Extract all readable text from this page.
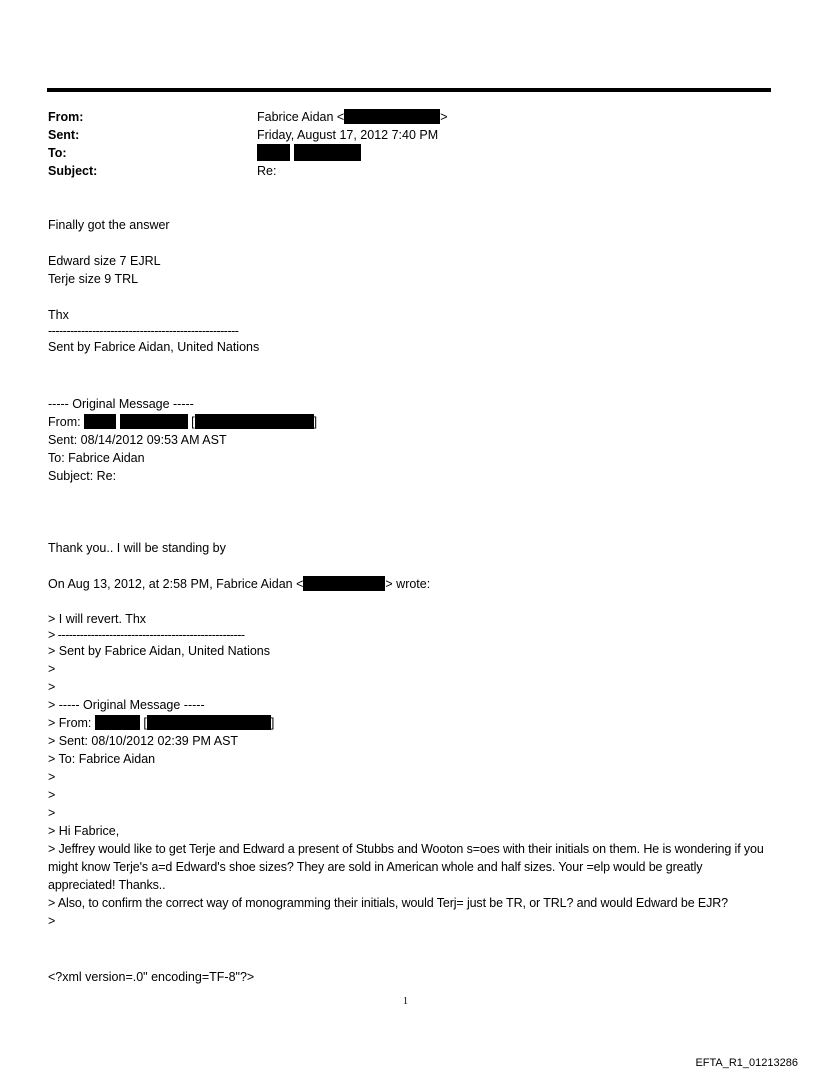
From:	Fabrice Aidan <	>
Sent:	Friday, August 17, 2012 7:40 PM
To:
Subject:	Re:
Finally got the answer
Edward size 7 EJRL
Terje size 9 TRL
Thx
----------------------------------------------------
Sent by Fabrice Aidan, United Nations
----- Original Message -----
From:	[	]
Sent: 08/14/2012 09:53 AM AST
To: Fabrice Aidan
Subject: Re:
Thank you.. I will be standing by
On Aug 13, 2012, at 2:58 PM, Fabrice Aidan <	> wrote:
> I will revert. Thx
> ---------------------------------------------------
> Sent by Fabrice Aidan, United Nations
>
>
> ----- Original Message -----
> From:	[	]
> Sent: 08/10/2012 02:39 PM AST
> To: Fabrice Aidan
>
>
>
> Hi Fabrice,
> Jeffrey would like to get Terje and Edward a present of Stubbs and Wooton s=oes with their initials on them. He is wondering if you might know Terje's a=d Edward's shoe sizes? They are sold in American whole and half sizes. Your =elp would be greatly appreciated! Thanks..
> Also, to confirm the correct way of monogramming their initials, would Terj= just be TR, or TRL? and would Edward be EJR?
>
<?xml version=.0" encoding=TF-8"?>
1
EFTA_R1_01213286
